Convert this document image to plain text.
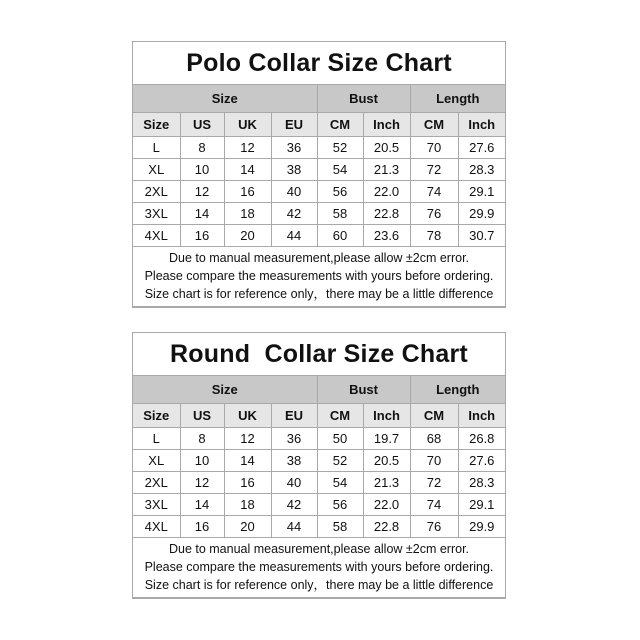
Polo Collar Size Chart
Size				Bust		Length	
Size	US	UK	EU	CM	Inch	CM	Inch
L	8	12	36	52	20.5	70	27.6
XL	10	14	38	54	21.3	72	28.3
2XL	12	16	40	56	22.0	74	29.1
3XL	14	18	42	58	22.8	76	29.9
4XL	16	20	44	60	23.6	78	30.7

Due to manual measurement,please allow ±2cm error.
Please compare the measurements with yours before ordering.
Size chart is for reference only，there may be a little difference							
Round  Collar Size Chart
Size				Bust		Length	
Size	US	UK	EU	CM	Inch	CM	Inch
L	8	12	36	50	19.7	68	26.8
XL	10	14	38	52	20.5	70	27.6
2XL	12	16	40	54	21.3	72	28.3
3XL	14	18	42	56	22.0	74	29.1
4XL	16	20	44	58	22.8	76	29.9

Due to manual measurement,please allow ±2cm error.
Please compare the measurements with yours before ordering.
Size chart is for reference only，there may be a little difference							
